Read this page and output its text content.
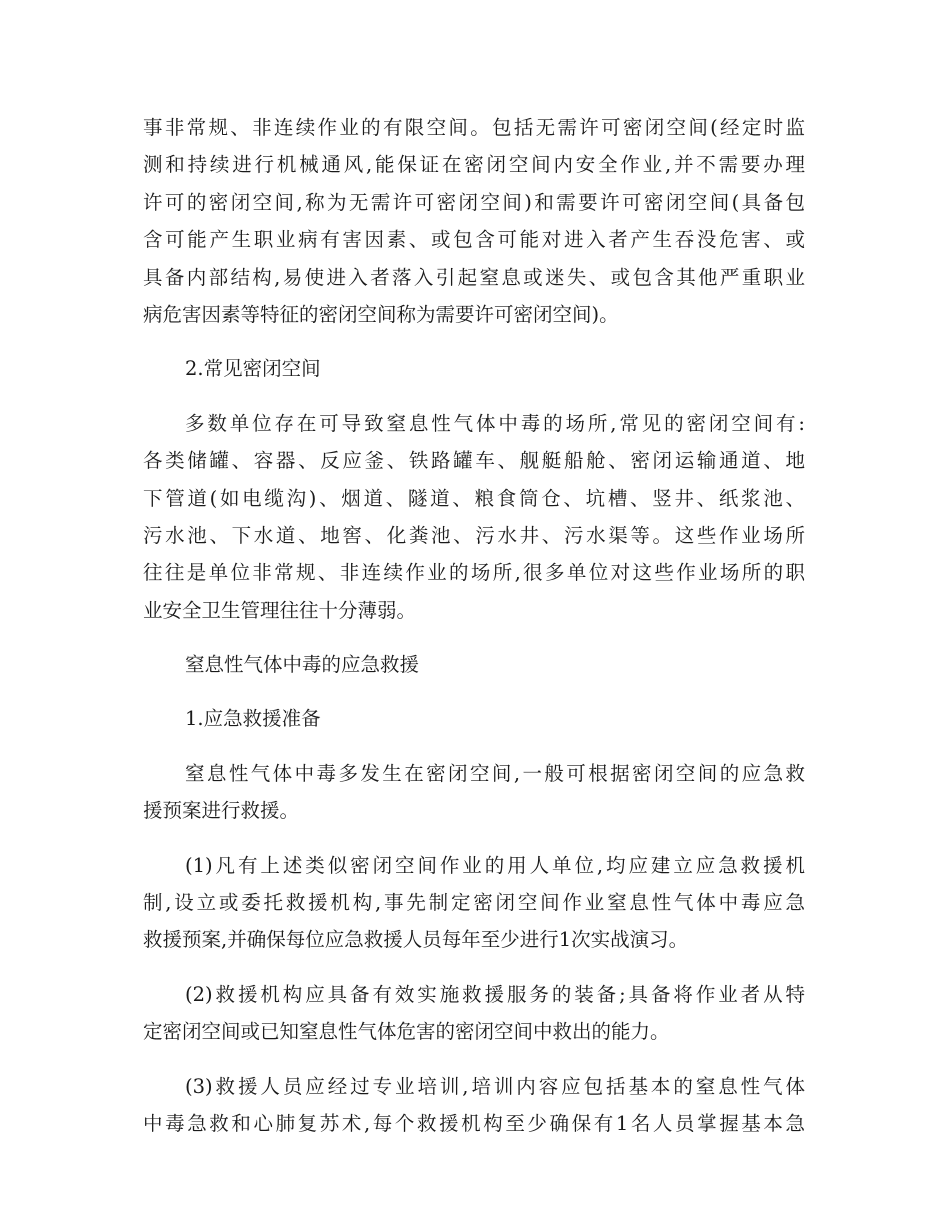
事非常规、非连续作业的有限空间。包括无需许可密闭空间(经定时监
测和持续进行机械通风,能保证在密闭空间内安全作业,并不需要办理
许可的密闭空间,称为无需许可密闭空间)和需要许可密闭空间(具备包
含可能产生职业病有害因素、或包含可能对进入者产生吞没危害、或
具备内部结构,易使进入者落入引起窒息或迷失、或包含其他严重职业
病危害因素等特征的密闭空间称为需要许可密闭空间)。
2.常见密闭空间
多数单位存在可导致窒息性气体中毒的场所,常见的密闭空间有:
各类储罐、容器、反应釜、铁路罐车、舰艇船舱、密闭运输通道、地
下管道(如电缆沟)、烟道、隧道、粮食筒仓、坑槽、竖井、纸浆池、
污水池、下水道、地窖、化粪池、污水井、污水渠等。这些作业场所
往往是单位非常规、非连续作业的场所,很多单位对这些作业场所的职
业安全卫生管理往往十分薄弱。
窒息性气体中毒的应急救援
1.应急救援准备
窒息性气体中毒多发生在密闭空间,一般可根据密闭空间的应急救
援预案进行救援。
(1)凡有上述类似密闭空间作业的用人单位,均应建立应急救援机
制,设立或委托救援机构,事先制定密闭空间作业窒息性气体中毒应急
救援预案,并确保每位应急救援人员每年至少进行1次实战演习。
(2)救援机构应具备有效实施救援服务的装备;具备将作业者从特
定密闭空间或已知窒息性气体危害的密闭空间中救出的能力。
(3)救援人员应经过专业培训,培训内容应包括基本的窒息性气体
中毒急救和心肺复苏术,每个救援机构至少确保有1名人员掌握基本急
